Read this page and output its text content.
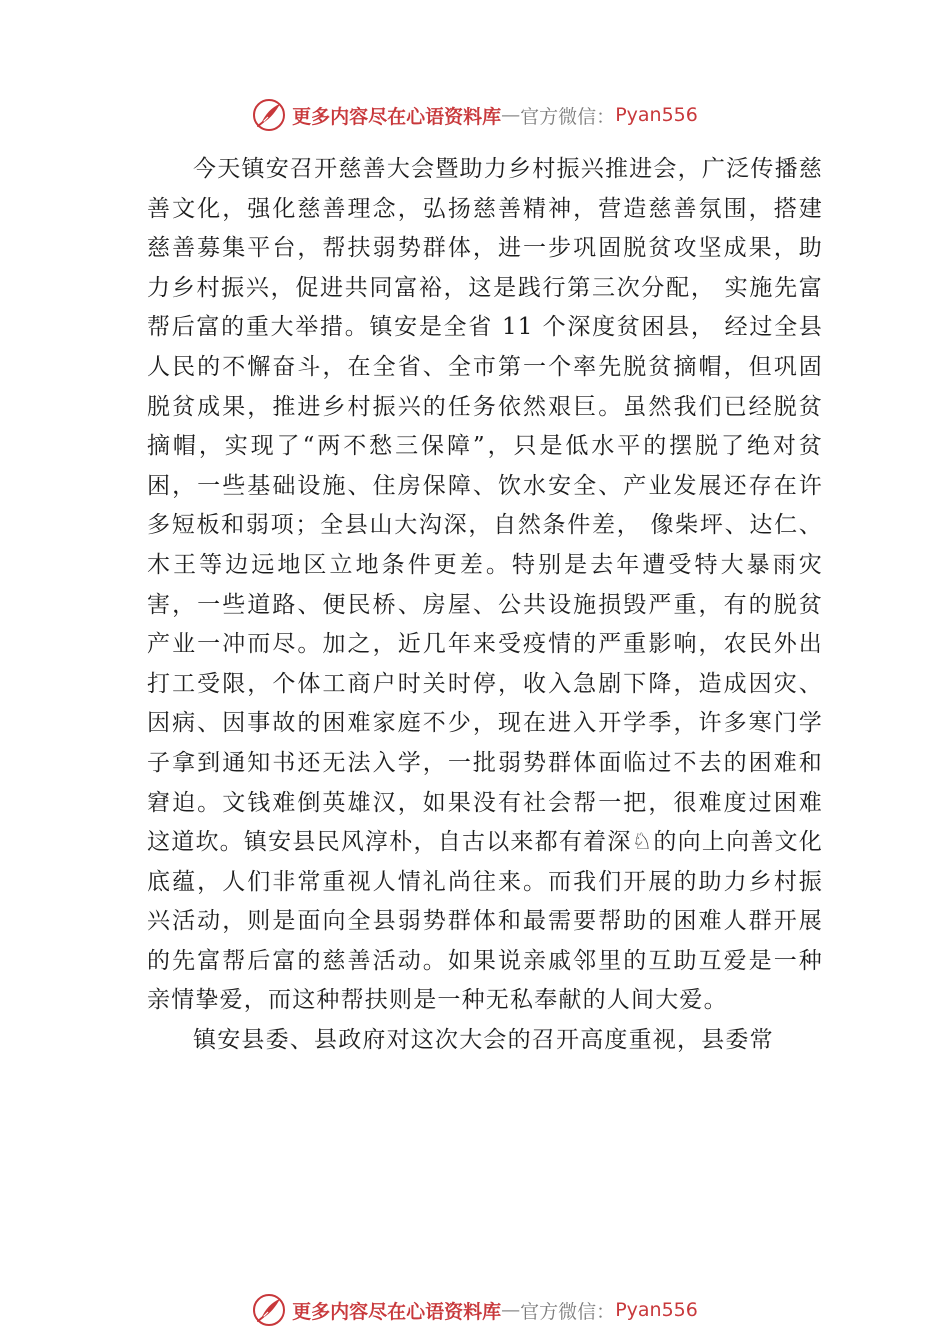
更多内容尽在心语资料库 — 官方微信： Pyan556

今天镇安召开慈善大会暨助力乡村振兴推进会，广泛传播慈善文化，强化慈善理念，弘扬慈善精神，营造慈善氛围，搭建慈善募集平台，帮扶弱势群体，进一步巩固脱贫攻坚成果，助力乡村振兴，促进共同富裕，这是践行第三次分配， 实施先富帮后富的重大举措。镇安是全省 11 个深度贫困县， 经过全县人民的不懈奋斗，在全省、全市第一个率先脱贫摘帽，但巩固脱贫成果，推进乡村振兴的任务依然艰巨。虽然我们已经脱贫摘帽，实现了“两不愁三保障”，只是低水平的摆脱了绝对贫困，一些基础设施、住房保障、饮水安全、产业发展还存在许多短板和弱项；全县山大沟深，自然条件差， 像柴坪、达仁、木王等边远地区立地条件更差。特别是去年遭受特大暴雨灾害，一些道路、便民桥、房屋、公共设施损毁严重，有的脱贫产业一冲而尽。加之，近几年来受疫情的严重影响，农民外出打工受限，个体工商户时关时停，收入急剧下降，造成因灾、因病、因事故的困难家庭不少，现在进入开学季，许多寒门学子拿到通知书还无法入学，一批弱势群体面临过不去的困难和窘迫。文钱难倒英雄汉，如果没有社会帮一把，很难度过困难这道坎。镇安县民风淳朴，自古以来都有着深♘的向上向善文化底蕴，人们非常重视人情礼尚往来。而我们开展的助力乡村振兴活动，则是面向全县弱势群体和最需要帮助的困难人群开展的先富帮后富的慈善活动。如果说亲戚邻里的互助互爱是一种亲情挚爱，而这种帮扶则是一种无私奉献的人间大爱。

镇安县委、县政府对这次大会的召开高度重视，县委常

更多内容尽在心语资料库 — 官方微信： Pyan556
